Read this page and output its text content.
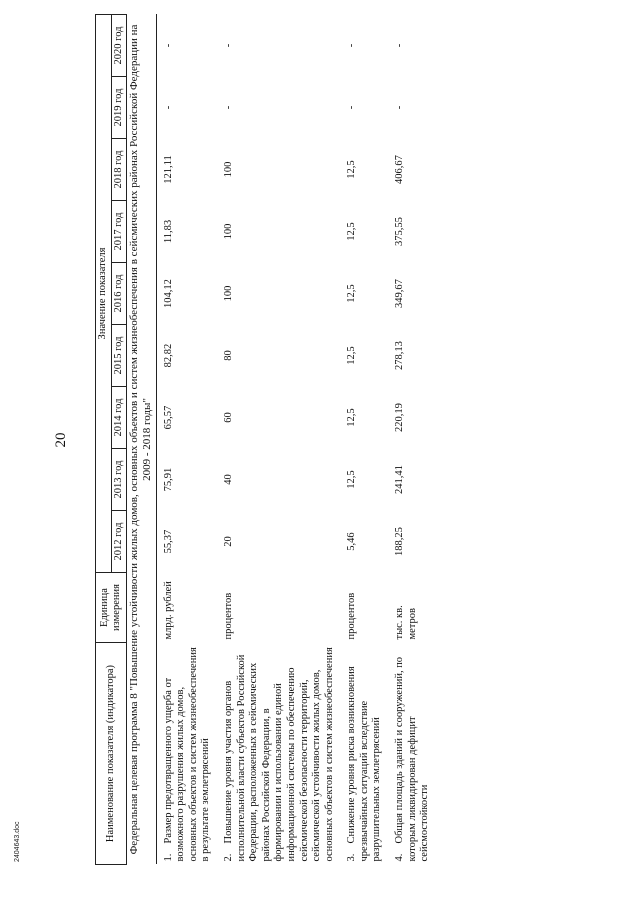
20
Наименование показателя (индикатора)	Единица измерения	Значение показателя								
		2012 год	2013 год	2014 год	2015 год	2016 год	2017 год	2018 год	2019 год	2020 год
Федеральная целевая программа 8 "Повышение устойчивости жилых домов, основных объектов и систем жизнеобеспечения в сейсмических районах Российской Федерации на 2009 - 2018 годы"										
1.Размер предотвращенного ущерба от возможного разрушения жилых домов, основных объектов и систем жизнеобеспечения в результате землетрясений	млрд. рублей	55,37	75,91	65,57	82,82	104,12	11,83	121,11	-	-
2.Повышение уровня участия органов исполнительной власти субъектов Российской Федерации, расположенных в сейсмических районах Российской Федерации, в формировании и использовании единой информационной системы по обеспечению сейсмической безопасности территорий, сейсмической устойчивости жилых домов, основных объектов и систем жизнеобеспечения	процентов	20	40	60	80	100	100	100	-	-
3.Снижение уровня риска возникновения чрезвычайных ситуаций вследствие разрушительных землетрясений	процентов	5,46	12,5	12,5	12,5	12,5	12,5	12,5	-	-
4.Общая площадь зданий и сооружений, по которым ликвидирован дефицит сейсмостойкости	тыс. кв. метров	188,25	241,41	220,19	278,13	349,67	375,55	406,67	-	-
2404643.doc
